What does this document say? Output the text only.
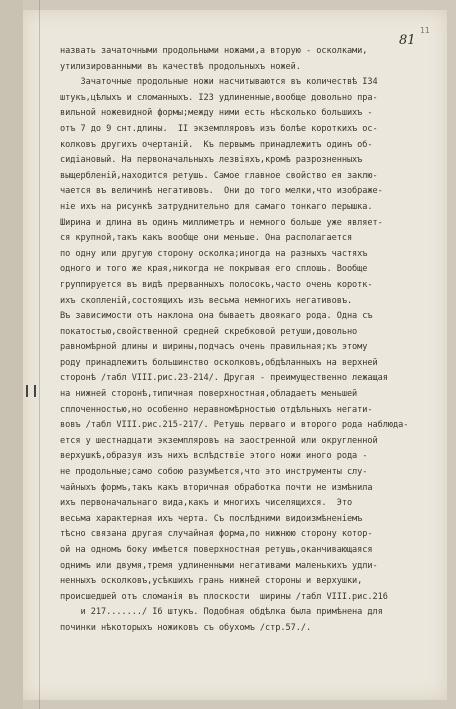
11
81
назвать зачаточными продольными ножами,а вторую - осколками,
утилизированными въ качествѣ продольныхъ ножей.
Зачаточные продольные ножи насчитываются въ количествѣ I34
штукъ,цѣлыхъ и сломанныхъ. I23 удлиненные,вообще довольно пра-
вильной ножевидной формы;между ними есть нѣсколько большихъ -
отъ 7 до 9 снт.длины.  II экземпляровъ изъ болѣе короткихъ ос-
колковъ другихъ очертаній.  Къ первымъ принадлежитъ одинъ об-
сидіановый. На первоначальныхъ лезвіяхъ,кромѣ разрозненныхъ
выщербленій,находится ретушь. Самое главное свойство ея заклю-
чается въ величинѣ негативовъ.  Они до того мелки,что изображе-
ніе ихъ на рисункѣ затруднительно для самаго тонкаго перышка.
Ширина и длина въ одинъ миллиметръ и немного больше уже являет-
ся крупной,такъ какъ вообще они меньше. Она располагается
по одну или другую сторону осколка;иногда на разныхъ частяхъ
одного и того же края,никогда не покрывая его сплошь. Вообще
группируется въ видѣ прерванныхъ полосокъ,часто очень коротк-
ихъ скопленій,состоящихъ изъ весьма немногихъ негативовъ.
Въ зависимости отъ наклона она бываетъ двоякаго рода. Одна съ
покатостью,свойственной средней скребковой ретуши,довольно
равномѣрной длины и ширины,подчасъ очень правильная;къ этому
роду принадлежитъ большинство осколковъ,обдѣланныхъ на верхней
сторонѣ /табл VIII.рис.23-214/. Другая - преимущественно лежащая
на нижней сторонѣ,типичная поверхностная,обладаетъ меньшей
сплоченностью,но особенно неравномѣрностью отдѣльныхъ негати-
вовъ /табл VIII.рис.215-217/. Ретушь перваго и второго рода наблюда-
ется у шестнадцати экземпляровъ на заостренной или округленной
верхушкѣ,образуя изъ нихъ вслѣдствіе этого ножи иного рода -
не продольные;само собою разумѣется,что это инструменты слу-
чайныхъ формъ,такъ какъ вторичная обработка почти не измѣнила
ихъ первоначальнаго вида,какъ и многихъ чиселящихся.  Это
весьма характерная ихъ черта. Съ послѣдними видоизмѣненіемъ
тѣсно связана другая случайная форма,по нижнюю сторону котор-
ой на одномъ боку имѣется поверхностная ретушь,оканчивающаяся
однимъ или двумя,тремя удлиненными негативами маленькихъ удли-
ненныхъ осколковъ,усѣкшихъ грань нижней стороны и верхушки,
происшедшей отъ сломанія въ плоскости  ширины /табл VIII.рис.216
и 217......./ I6 штукъ. Подобная обдѣлка была примѣнена для
починки нѣкоторыхъ ножиковъ съ обухомъ /стр.57./.
